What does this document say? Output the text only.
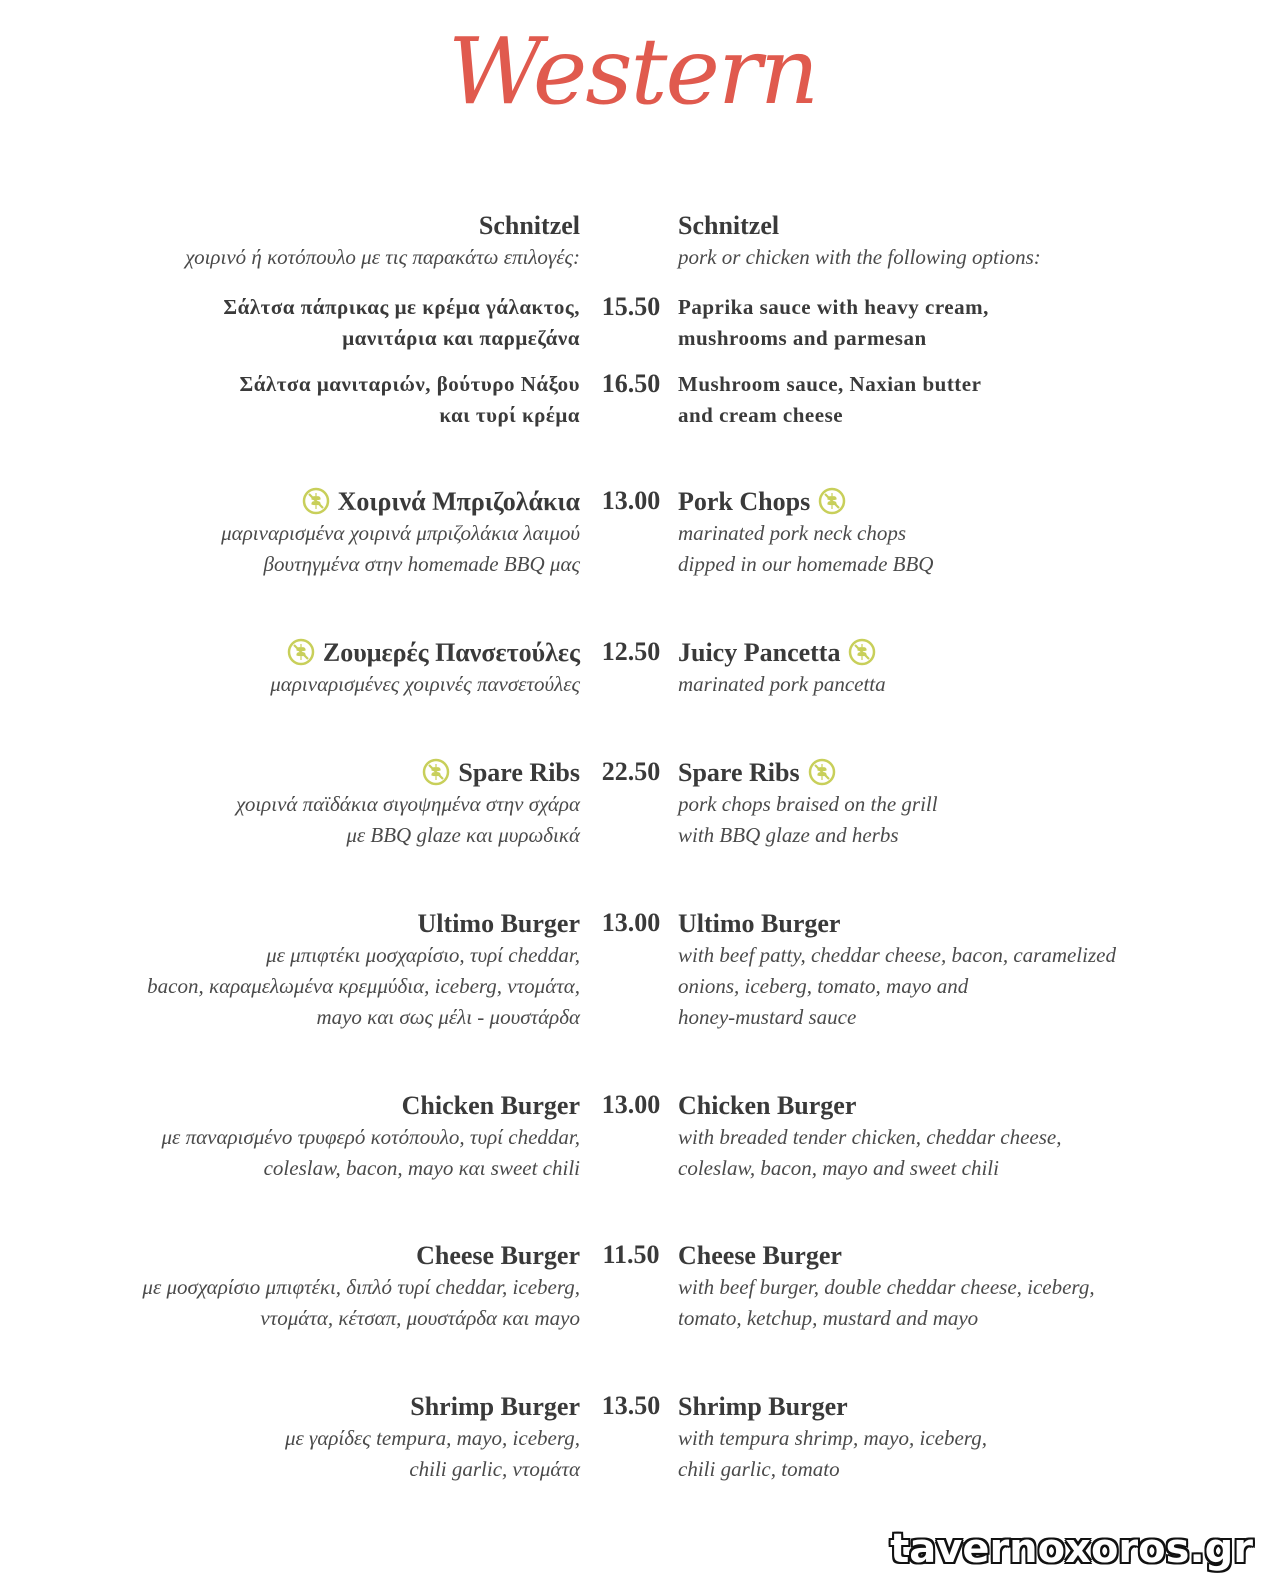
Western
Schnitzel
χοιρινό ή κοτόπουλο με τις παρακάτω επιλογές:
Schnitzel
pork or chicken with the following options:
Σάλτσα πάπρικας με κρέμα γάλακτος,
μανιτάρια και παρμεζάνα
15.50 Paprika sauce with heavy cream,
mushrooms and parmesan
Σάλτσα μανιταριών, βούτυρο Νάξου
και τυρί κρέμα
16.50 Mushroom sauce, Naxian butter
and cream cheese
Χοιρινά Μπριζολάκια
μαριναρισμένα χοιρινά μπριζολάκια λαιμού
βουτηγμένα στην homemade BBQ μας
13.00 Pork Chops
marinated pork neck chops
dipped in our homemade BBQ
Ζουμερές Πανσετούλες
μαριναρισμένες χοιρινές πανσετούλες
12.50 Juicy Pancetta
marinated pork pancetta
Spare Ribs
χοιρινά παϊδάκια σιγοψημένα στην σχάρα
με BBQ glaze και μυρωδικά
22.50 Spare Ribs
pork chops braised on the grill
with BBQ glaze and herbs
Ultimo Burger
με μπιφτέκι μοσχαρίσιο, τυρί cheddar,
bacon, καραμελωμένα κρεμμύδια, iceberg, ντομάτα,
mayo και σως μέλι - μουστάρδα
13.00 Ultimo Burger
with beef patty, cheddar cheese, bacon, caramelized
onions, iceberg, tomato, mayo and
honey-mustard sauce
Chicken Burger
με παναρισμένο τρυφερό κοτόπουλο, τυρί cheddar,
coleslaw, bacon, mayo και sweet chili
13.00 Chicken Burger
with breaded tender chicken, cheddar cheese,
coleslaw, bacon, mayo and sweet chili
Cheese Burger
με μοσχαρίσιο μπιφτέκι, διπλό τυρί cheddar, iceberg,
ντομάτα, κέτσαπ, μουστάρδα και mayo
11.50 Cheese Burger
with beef burger, double cheddar cheese, iceberg,
tomato, ketchup, mustard and mayo
Shrimp Burger
με γαρίδες tempura, mayo, iceberg,
chili garlic, ντομάτα
13.50 Shrimp Burger
with tempura shrimp, mayo, iceberg,
chili garlic, tomato
tavernoxoros.gr
